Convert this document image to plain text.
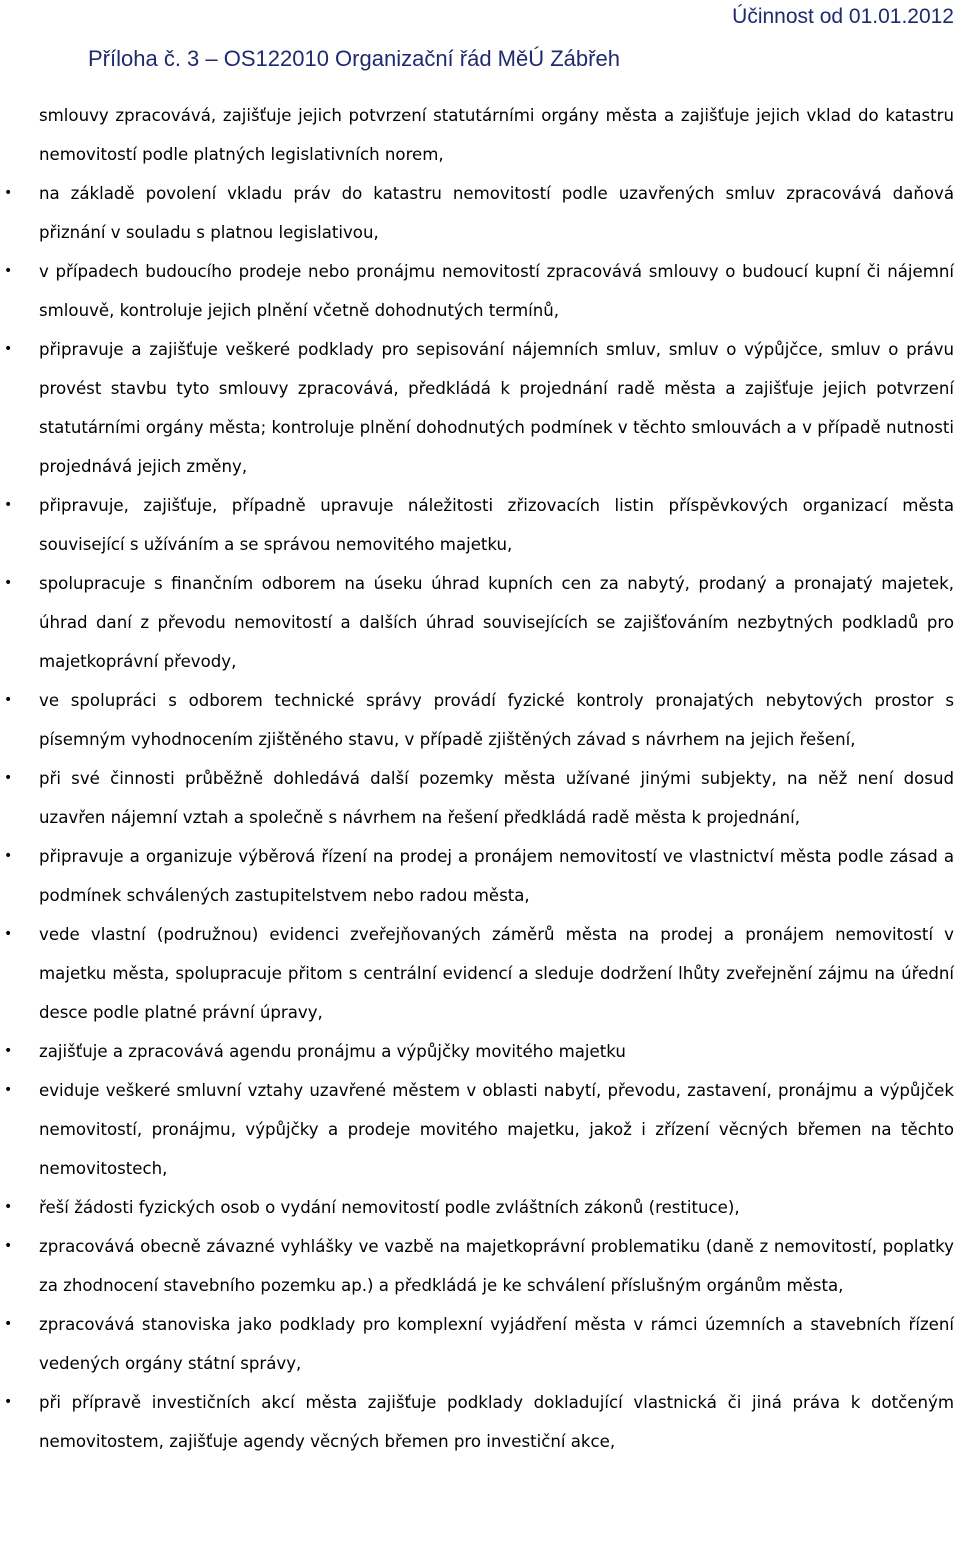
Účinnost od 01.01.2012
Příloha č. 3 – OS122010 Organizační řád MěÚ Zábřeh
smlouvy zpracovává, zajišťuje jejich potvrzení statutárními orgány města a zajišťuje jejich vklad do katastru nemovitostí podle platných legislativních norem,
• na základě povolení vkladu práv do katastru nemovitostí podle uzavřených smluv zpracovává daňová přiznání v souladu s platnou legislativou,
• v případech budoucího prodeje nebo pronájmu nemovitostí zpracovává smlouvy o budoucí kupní či nájemní smlouvě, kontroluje jejich plnění včetně dohodnutých termínů,
• připravuje a zajišťuje veškeré podklady pro sepisování nájemních smluv, smluv o výpůjčce, smluv o právu provést stavbu tyto smlouvy zpracovává, předkládá k projednání radě města a zajišťuje jejich potvrzení statutárními orgány města; kontroluje plnění dohodnutých podmínek v těchto smlouvách a v případě nutnosti projednává jejich změny,
• připravuje, zajišťuje, případně upravuje náležitosti zřizovacích listin příspěvkových organizací města související s užíváním a se správou nemovitého majetku,
• spolupracuje s finančním odborem na úseku úhrad kupních cen za nabytý, prodaný a pronajatý majetek, úhrad daní z převodu nemovitostí a dalších úhrad souvisejících se zajišťováním nezbytných podkladů pro majetkoprávní převody,
• ve spolupráci s odborem technické správy provádí fyzické kontroly pronajatých nebytových prostor s písemným vyhodnocením zjištěného stavu, v případě zjištěných závad s návrhem na jejich řešení,
• při své činnosti průběžně dohledává další pozemky města užívané jinými subjekty, na něž není dosud uzavřen nájemní vztah a společně s návrhem na řešení předkládá radě města k projednání,
• připravuje a organizuje výběrová řízení na prodej a pronájem nemovitostí ve vlastnictví města podle zásad a podmínek schválených zastupitelstvem nebo radou města,
• vede vlastní (podružnou) evidenci zveřejňovaných záměrů města na prodej a pronájem nemovitostí v majetku města, spolupracuje přitom s centrální evidencí a sleduje dodržení lhůty zveřejnění zájmu na úřední desce podle platné právní úpravy,
• zajišťuje a zpracovává agendu pronájmu a výpůjčky movitého majetku
• eviduje veškeré smluvní vztahy uzavřené městem v oblasti nabytí, převodu, zastavení, pronájmu a výpůjček nemovitostí, pronájmu, výpůjčky a prodeje movitého majetku, jakož i zřízení věcných břemen na těchto nemovitostech,
• řeší žádosti fyzických osob o vydání nemovitostí podle zvláštních zákonů (restituce),
• zpracovává obecně závazné vyhlášky ve vazbě na majetkoprávní problematiku (daně z nemovitostí, poplatky za zhodnocení stavebního pozemku ap.) a předkládá je ke schválení příslušným orgánům města,
• zpracovává stanoviska jako podklady pro komplexní vyjádření města v rámci územních a stavebních řízení vedených orgány státní správy,
• při přípravě investičních akcí města zajišťuje podklady dokladující vlastnická či jiná práva k dotčeným nemovitostem, zajišťuje agendy věcných břemen pro investiční akce,
